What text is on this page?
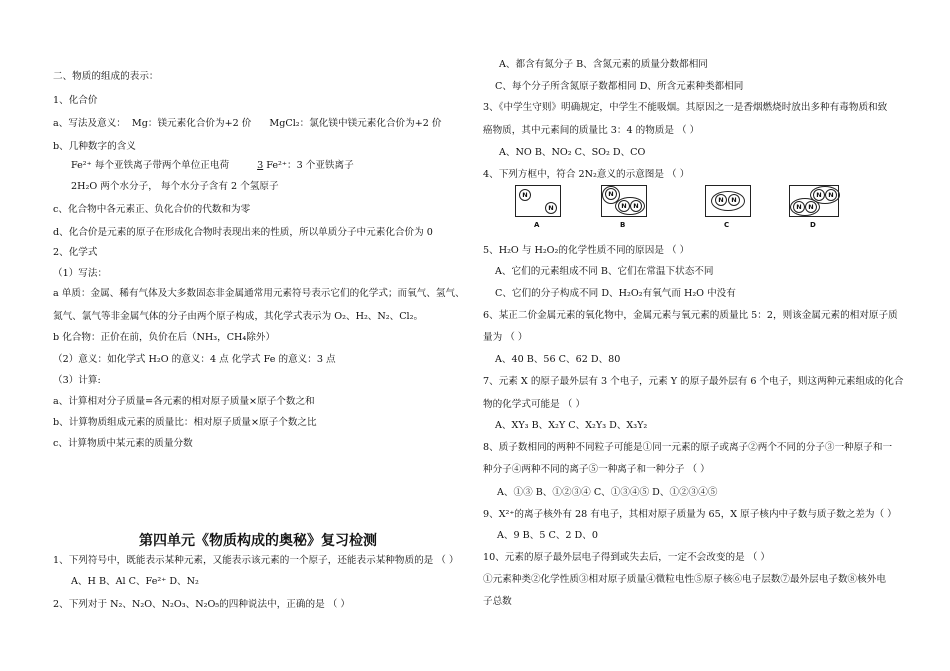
二、物质的组成的表示：
1、化合价
a、写法及意义： Mg：镁元素化合价为+2 价 MgCl₂：氯化镁中镁元素化合价为+2 价
b、几种数字的含义
Fe²⁺ 每个亚铁离子带两个单位正电荷	3 Fe²⁺：3 个亚铁离子
2H₂O 两个水分子， 每个水分子含有 2 个氢原子
c、化合物中各元素正、负化合价的代数和为零
d、化合价是元素的原子在形成化合物时表现出来的性质，所以单质分子中元素化合价为 0
2、化学式
（1）写法：
a 单质：金属、稀有气体及大多数固态非金属通常用元素符号表示它们的化学式；而氧气、氢气、
氮气、氯气等非金属气体的分子由两个原子构成，其化学式表示为 O₂、H₂、N₂、Cl₂。
b 化合物：正价在前，负价在后（NH₃，CH₄除外）
（2）意义：如化学式 H₂O 的意义：4 点 化学式 Fe 的意义：3 点
（3）计算:
a、计算相对分子质量=各元素的相对原子质量×原子个数之和
b、计算物质组成元素的质量比：相对原子质量×原子个数之比
c、计算物质中某元素的质量分数
第四单元《物质构成的奥秘》复习检测
1、下列符号中，既能表示某种元素，又能表示该元素的一个原子，还能表示某种物质的是 （ ）
A、H B、Al C、Fe²⁺ D、N₂
2、下列对于 N₂、N₂O、N₂O₃、N₂O₅的四种说法中，正确的是 （ ）
A、都含有氮分子 B、含氮元素的质量分数都相同
C、每个分子所含氮原子数都相同 D、所含元素种类都相同
3、《中学生守则》明确规定，中学生不能吸烟。其原因之一是香烟燃烧时放出多种有毒物质和致
癌物质，其中元素间的质量比 3：4 的物质是 （ ）
A、NO B、NO₂ C、SO₂ D、CO
4、下列方框中，符合 2N₂意义的示意图是 （ ）
N
N
A
N
N	N
B
N	N
C
N	N
N	N
D
5、H₂O 与 H₂O₂的化学性质不同的原因是 （ ）
A、它们的元素组成不同 B、它们在常温下状态不同
C、它们的分子构成不同 D、H₂O₂有氧气而 H₂O 中没有
6、某正二价金属元素的氧化物中，金属元素与氧元素的质量比 5：2，则该金属元素的相对原子质
量为 （ ）
A、40 B、56 C、62 D、80
7、元素 X 的原子最外层有 3 个电子，元素 Y 的原子最外层有 6 个电子，则这两种元素组成的化合
物的化学式可能是 （ ）
A、XY₃ B、X₂Y C、X₂Y₃ D、X₃Y₂
8、质子数相同的两种不同粒子可能是①同一元素的原子或离子②两个不同的分子③一种原子和一
种分子④两种不同的离子⑤一种离子和一种分子 （ ）
A、①③ B、①②③④ C、①③④⑤ D、①②③④⑤
9、X²⁺的离子核外有 28 有电子，其相对原子质量为 65，X 原子核内中子数与质子数之差为（ ）
A、9 B、5 C、2 D、0
10、元素的原子最外层电子得到或失去后，一定不会改变的是 （ ）
①元素种类②化学性质③相对原子质量④微粒电性⑤原子核⑥电子层数⑦最外层电子数⑧核外电
子总数
